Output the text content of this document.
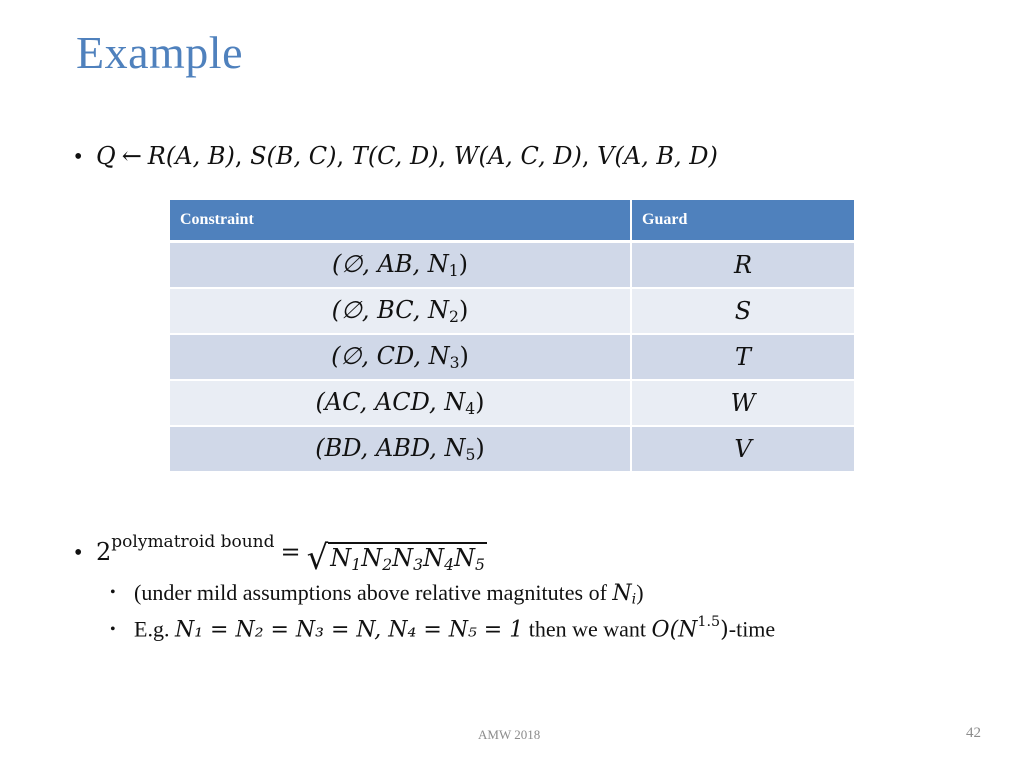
Example
• Q ← R(A, B), S(B, C), T(C, D), W(A, C, D), V(A, B, D)
Constraint	Guard
(∅, AB, $N_1$)	R
(∅, BC, $N_2$)	S
(∅, CD, $N_3$)	T
(AC, ACD, $N_4$)	W
(BD, ABD, $N_5$)	V
• $2^{polymatroid bound} = √N_1N_2N_3N_4N_5$
• (under mild assumptions above relative magnitutes of $N_i$)
• E.g. N₁ = N₂ = N₃ = N, N₄ = N₅ = 1 then we want $O(N^{1.5})$-time
AMW 2018	42
